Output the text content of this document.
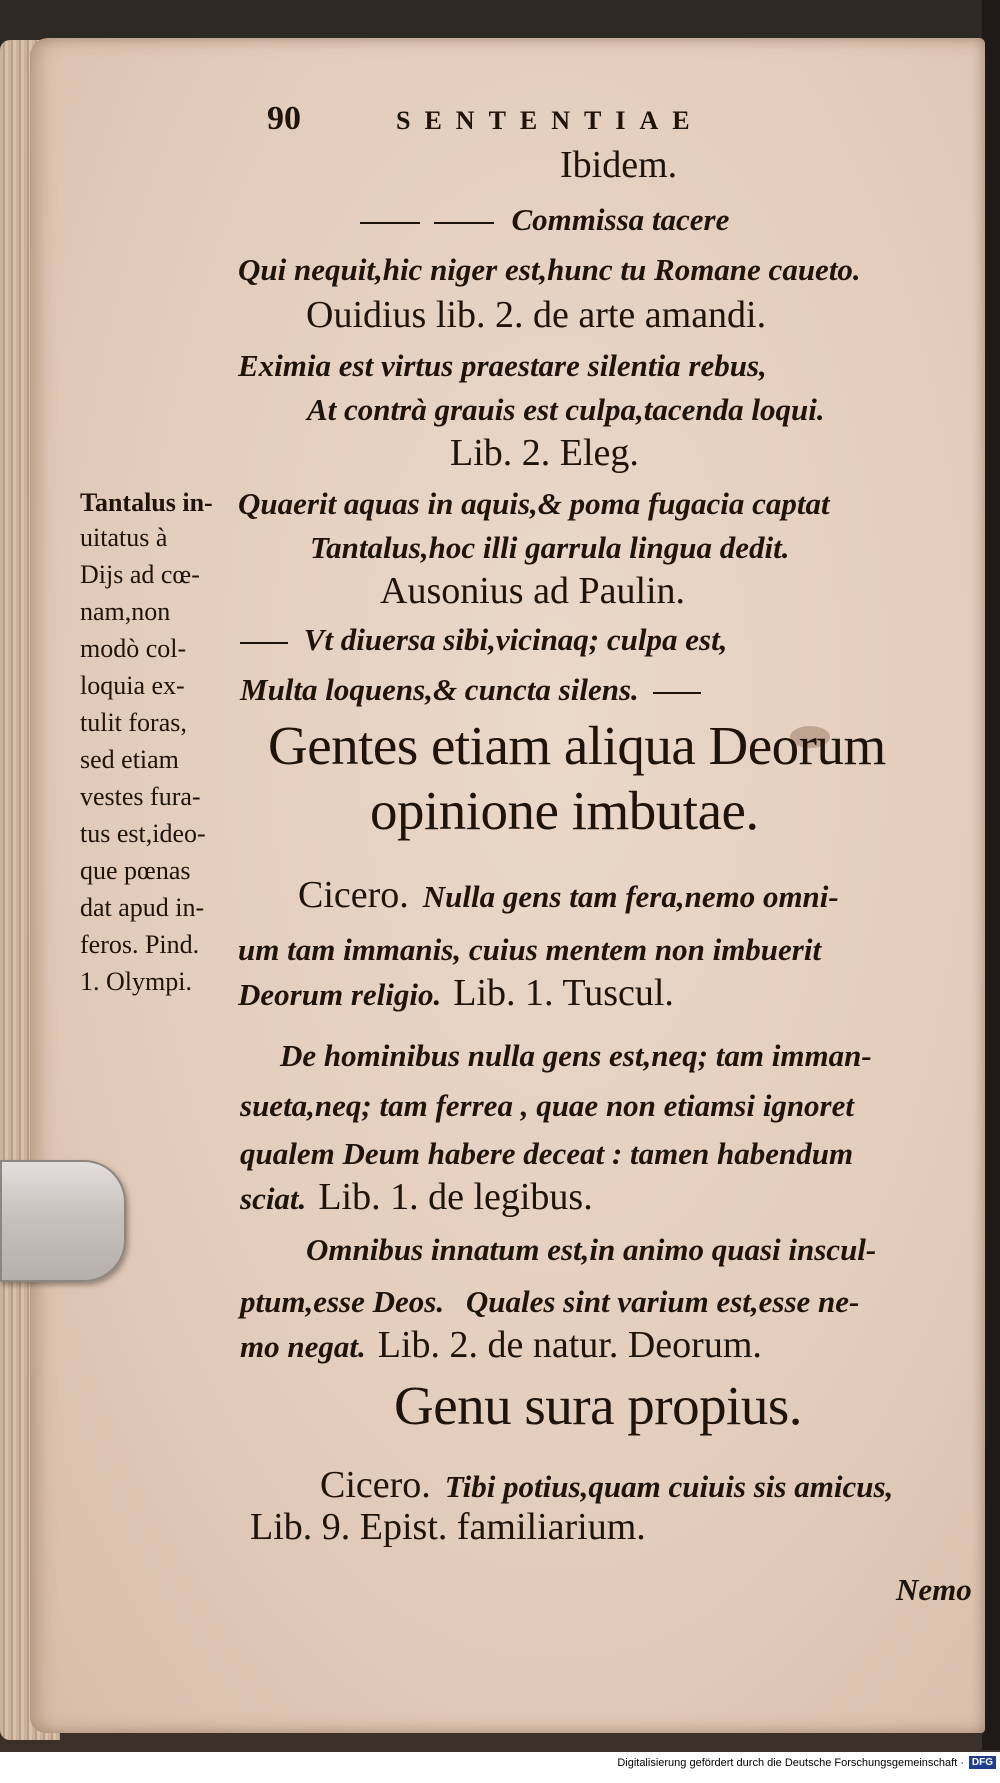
90	SENTENTIAE
Ibidem.
Commissa tacere
Qui nequit,hic niger est,hunc tu Romane caueto.
Ouidius lib. 2. de arte amandi.
Eximia est virtus praestare silentia rebus,
At contrà grauis est culpa,tacenda loqui.
Lib. 2. Eleg.
Quaerit aquas in aquis,& poma fugacia captat
Tantalus,hoc illi garrula lingua dedit.
Ausonius ad Paulin.
Vt diuersa sibi,vicinaq; culpa est,
Multa loquens,& cuncta silens.
Gentes etiam aliqua Deorum
opinione imbutae.
Cicero. Nulla gens tam fera,nemo omni-
um tam immanis, cuius mentem non imbuerit
Deorum religio. Lib. 1. Tuscul.
De hominibus nulla gens est,neq; tam imman-
sueta,neq; tam ferrea , quae non etiamsi ignoret
qualem Deum habere deceat : tamen habendum
sciat. Lib. 1. de legibus.
Omnibus innatum est,in animo quasi inscul-
ptum,esse Deos. Quales sint varium est,esse ne-
mo negat. Lib. 2. de natur. Deorum.
Genu sura propius.
Cicero. Tibi potius,quam cuiuis sis amicus,
Lib. 9. Epist. familiarium.
Nemo
Tantalus in-
uitatus à
Dijs ad cœ-
nam,non
modò col-
loquia ex-
tulit foras,
sed etiam
vestes fura-
tus est,ideo-
que pœnas
dat apud in-
feros. Pind.
1. Olympi.
Digitalisierung gefördert durch die Deutsche Forschungsgemeinschaft · DFG
